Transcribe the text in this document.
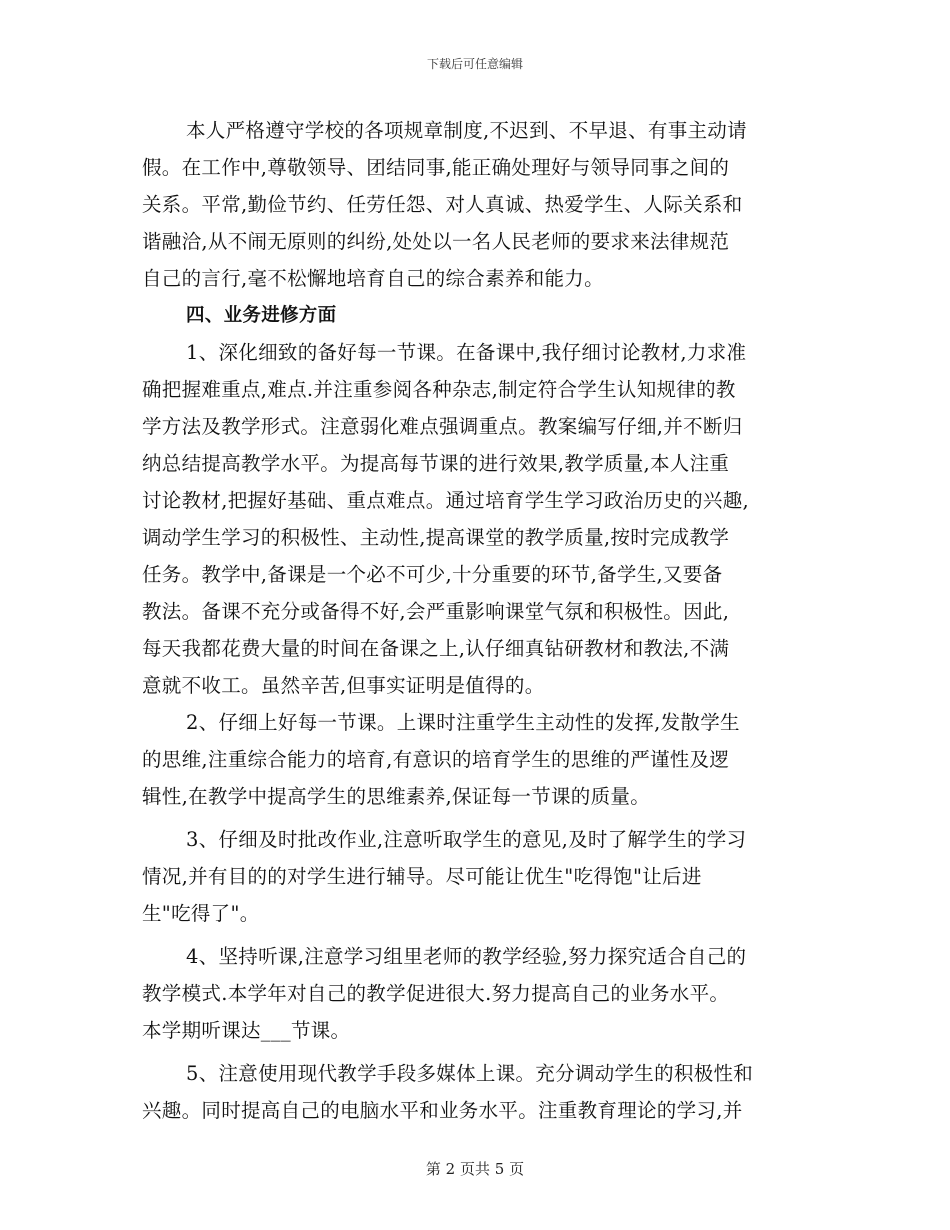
下载后可任意编辑
本人严格遵守学校的各项规章制度,不迟到、不早退、有事主动请
假。在工作中,尊敬领导、团结同事,能正确处理好与领导同事之间的
关系。平常,勤俭节约、任劳任怨、对人真诚、热爱学生、人际关系和
谐融洽,从不闹无原则的纠纷,处处以一名人民老师的要求来法律规范
自己的言行,毫不松懈地培育自己的综合素养和能力。
四、业务进修方面
1、深化细致的备好每一节课。在备课中,我仔细讨论教材,力求准
确把握难重点,难点.并注重参阅各种杂志,制定符合学生认知规律的教
学方法及教学形式。注意弱化难点强调重点。教案编写仔细,并不断归
纳总结提高教学水平。为提高每节课的进行效果,教学质量,本人注重
讨论教材,把握好基础、重点难点。通过培育学生学习政治历史的兴趣,
调动学生学习的积极性、主动性,提高课堂的教学质量,按时完成教学
任务。教学中,备课是一个必不可少,十分重要的环节,备学生,又要备
教法。备课不充分或备得不好,会严重影响课堂气氛和积极性。因此,
每天我都花费大量的时间在备课之上,认仔细真钻研教材和教法,不满
意就不收工。虽然辛苦,但事实证明是值得的。
2、仔细上好每一节课。上课时注重学生主动性的发挥,发散学生
的思维,注重综合能力的培育,有意识的培育学生的思维的严谨性及逻
辑性,在教学中提高学生的思维素养,保证每一节课的质量。
3、仔细及时批改作业,注意听取学生的意见,及时了解学生的学习
情况,并有目的的对学生进行辅导。尽可能让优生"吃得饱"让后进
生"吃得了"。
4、坚持听课,注意学习组里老师的教学经验,努力探究适合自己的
教学模式.本学年对自己的教学促进很大.努力提高自己的业务水平。
本学期听课达___节课。
5、注意使用现代教学手段多媒体上课。充分调动学生的积极性和
兴趣。同时提高自己的电脑水平和业务水平。注重教育理论的学习,并
第 2 页共 5 页
